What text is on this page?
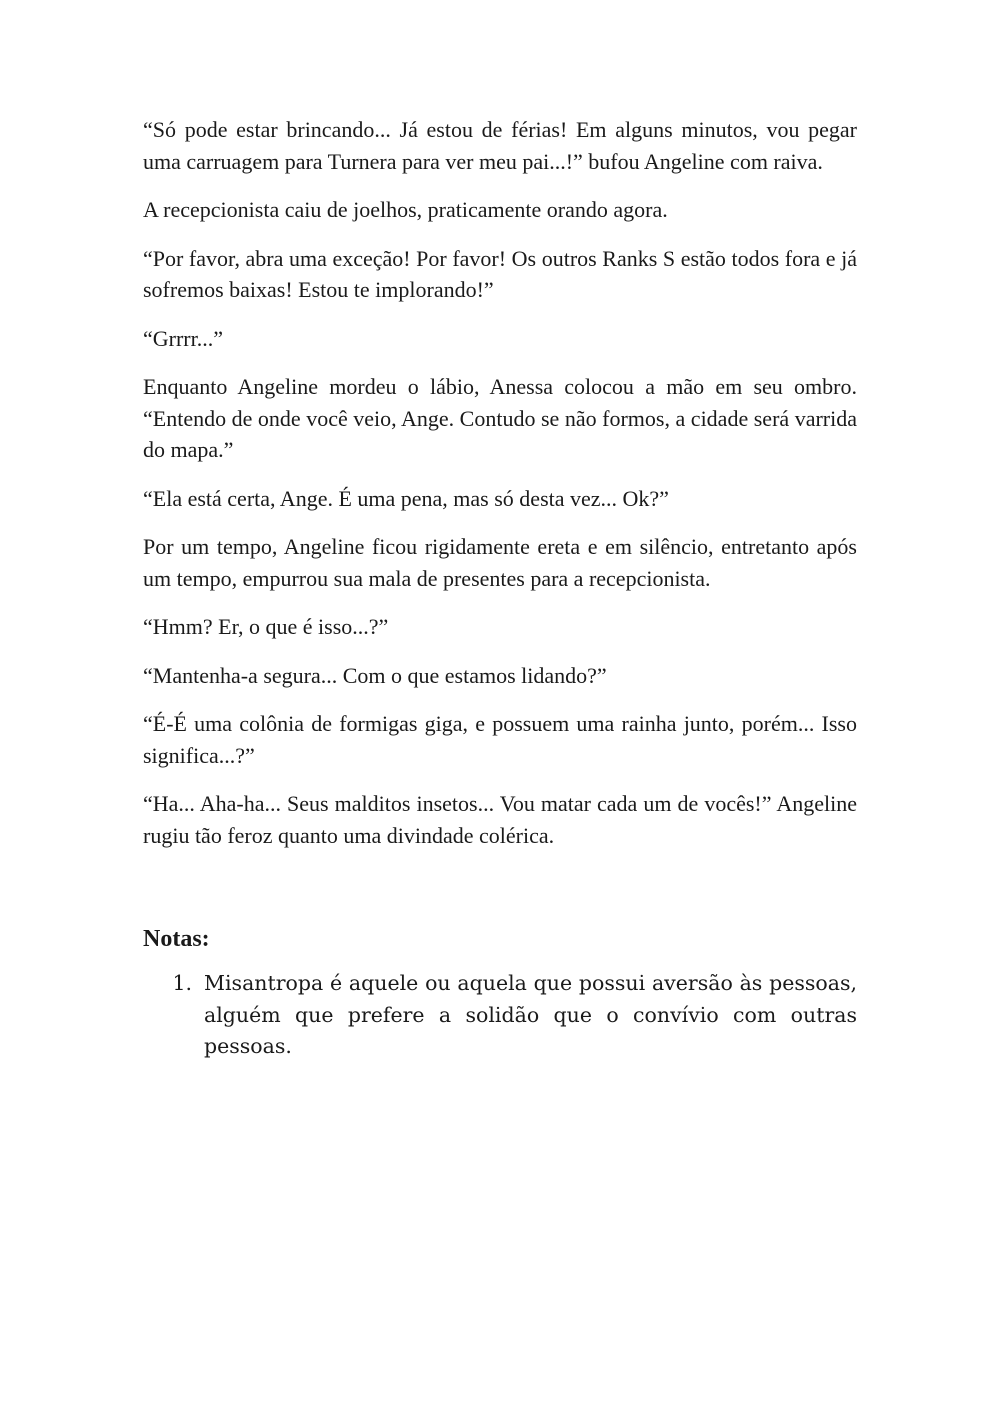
“Só pode estar brincando... Já estou de férias! Em alguns minutos, vou pegar uma carruagem para Turnera para ver meu pai...!” bufou Angeline com raiva.

A recepcionista caiu de joelhos, praticamente orando agora.

“Por favor, abra uma exceção! Por favor! Os outros Ranks S estão todos fora e já sofremos baixas! Estou te implorando!”

“Grrrr...”

Enquanto Angeline mordeu o lábio, Anessa colocou a mão em seu ombro. “Entendo de onde você veio, Ange. Contudo se não formos, a cidade será varrida do mapa.”

“Ela está certa, Ange. É uma pena, mas só desta vez... Ok?”

Por um tempo, Angeline ficou rigidamente ereta e em silêncio, entretanto após um tempo, empurrou sua mala de presentes para a recepcionista.

“Hmm? Er, o que é isso...?”

“Mantenha-a segura... Com o que estamos lidando?”

“É-É uma colônia de formigas giga, e possuem uma rainha junto, porém... Isso significa...?”

“Ha... Aha-ha... Seus malditos insetos... Vou matar cada um de vocês!” Angeline rugiu tão feroz quanto uma divindade colérica.

Notas:
1. Misantropa é aquele ou aquela que possui aversão às pessoas, alguém que prefere a solidão que o convívio com outras pessoas.
